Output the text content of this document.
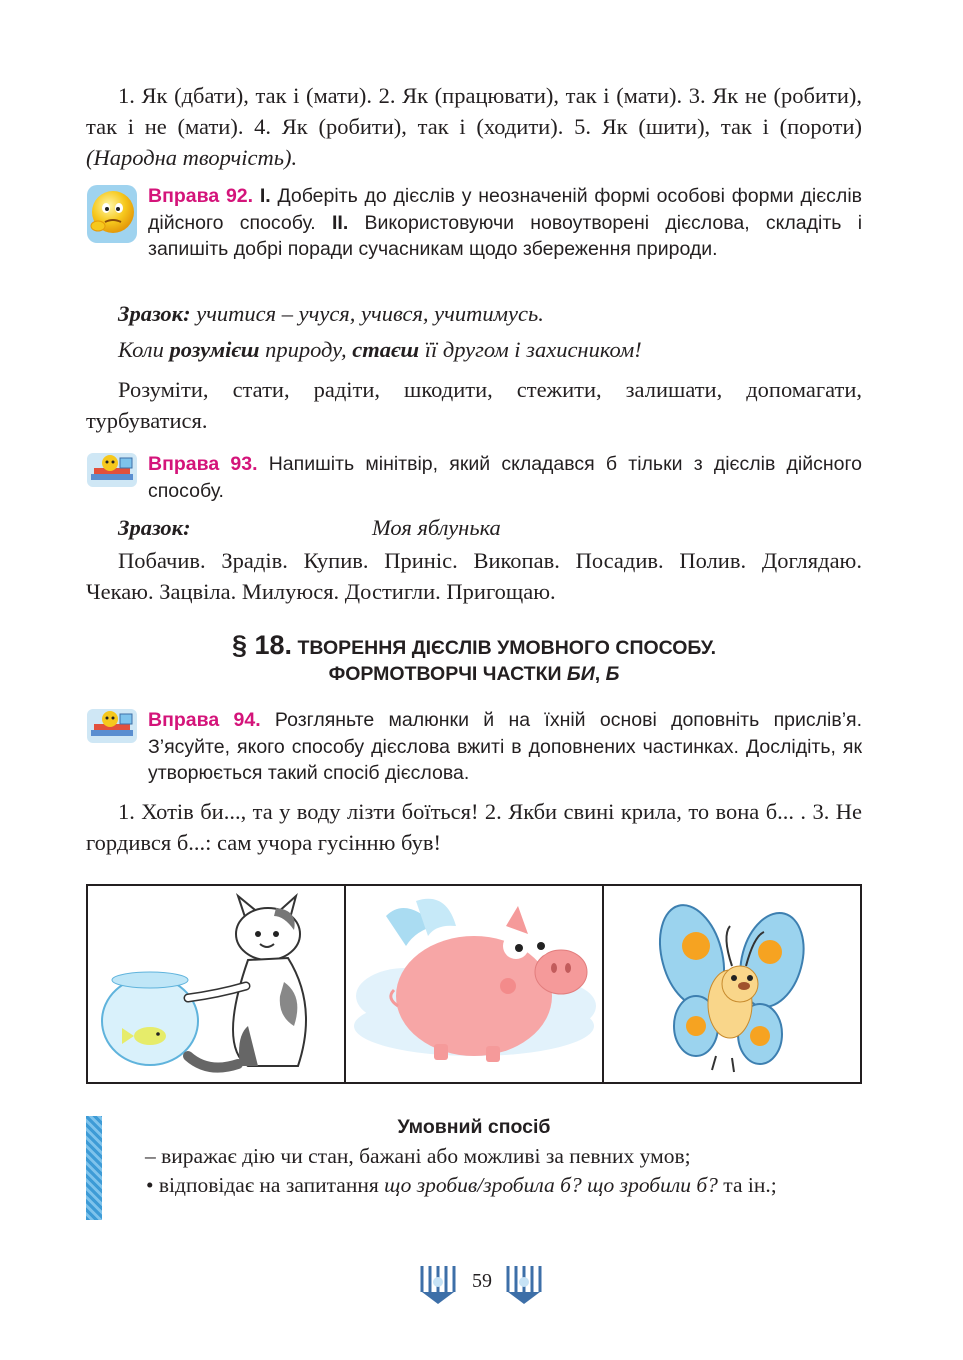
1. Як (дбати), так і (мати). 2. Як (працювати), так і (мати). 3. Як не (робити), так і не (мати). 4. Як (робити), так і (ходити). 5. Як (шити), так і (пороти) (Народна творчість).
Вправа 92. I. Доберіть до дієслів у неозначеній формі особові форми дієслів дійсного способу. II. Використовуючи новоутворені дієслова, складіть і запишіть добрі поради сучасникам щодо збереження природи.
Зразок: учитися – учуся, учився, учитимусь.
Коли розумієш природу, стаєш її другом і захисником!
Розуміти, стати, радіти, шкодити, стежити, залишати, допомагати, турбуватися.
Вправа 93. Напишіть мінітвір, який складався б тільки з дієслів дійсного способу.
Зразок:	Моя яблунька
Побачив. Зрадів. Купив. Приніс. Викопав. Посадив. Полив. Доглядаю. Чекаю. Зацвіла. Милуюся. Достигли. Пригощаю.
§ 18. ТВОРЕННЯ ДІЄСЛІВ УМОВНОГО СПОСОБУ.
ФОРМОТВОРЧІ ЧАСТКИ БИ, Б
Вправа 94. Розгляньте малюнки й на їхній основі доповніть прислів’я. З’ясуйте, якого способу дієслова вжиті в доповнених частинках. Дослідіть, як утворюється такий спосіб дієслова.
1. Хотів би..., та у воду лізти боїться! 2. Якби свині крила, то вона б... . 3. Не гордився б...: сам учора гусінню був!
Умовний спосіб
– виражає дію чи стан, бажані або можливі за певних умов;
• відповідає на запитання що зробив/зробила б? що зробили б? та ін.;
59
